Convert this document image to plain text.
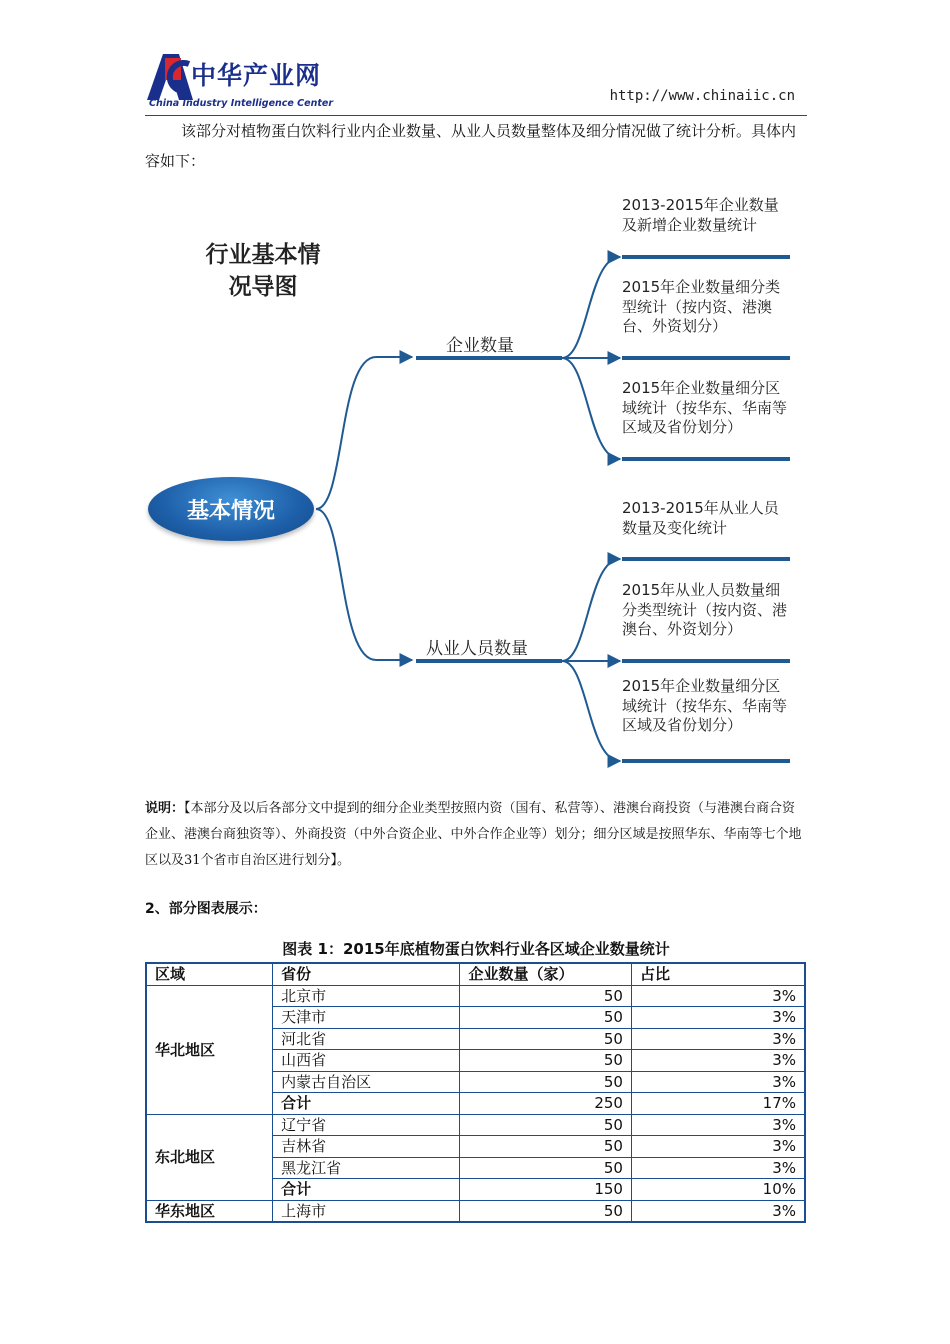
中华产业网
China Industry Intelligence Center	http://www.chinaiic.cn

该部分对植物蛋白饮料行业内企业数量、从业人员数量整体及细分情况做了统计分析。具体内容如下：

行业基本情
况导图
基本情况
企业数量
从业人员数量
2013-2015年企业数量及新增企业数量统计
2015年企业数量细分类型统计（按内资、港澳台、外资划分）
2015年企业数量细分区域统计（按华东、华南等区域及省份划分）
2013-2015年从业人员数量及变化统计
2015年从业人员数量细分类型统计（按内资、港澳台、外资划分）
2015年企业数量细分区域统计（按华东、华南等区域及省份划分）
说明：【本部分及以后各部分文中提到的细分企业类型按照内资（国有、私营等）、港澳台商投资（与港澳台商合资企业、港澳台商独资等）、外商投资（中外合资企业、中外合作企业等）划分；细分区域是按照华东、华南等七个地区以及31个省市自治区进行划分】。
2、部分图表展示：
图表 1：2015年底植物蛋白饮料行业各区域企业数量统计
区域	省份	企业数量（家）	占比
华北地区	北京市	50	3%
	天津市	50	3%
	河北省	50	3%
	山西省	50	3%
	内蒙古自治区	50	3%
	合计	250	17%
东北地区	辽宁省	50	3%
	吉林省	50	3%
	黑龙江省	50	3%
	合计	150	10%
华东地区	上海市	50	3%
